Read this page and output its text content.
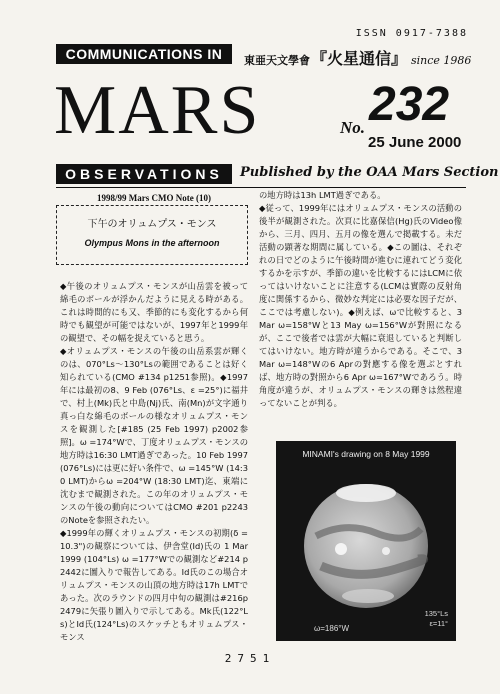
ISSN 0917-7388
COMMUNICATIONS IN	東亜天文學會『火星通信』 since 1986
MARS	No. 232
25 June 2000
OBSERVATIONS	Published by the OAA Mars Section
1998/99 Mars CMO Note (10)
下午のオリュムプス・モンス
Olympus Mons in the afternoon

◆午後のオリュムプス・モンスが山岳雲を被って綿毛のボールが浮かんだように見える時がある。これは時間的にも又、季節的にも変化するから何時でも観望が可能ではないが、1997年と1999年の観望で、その幅を捉えていると思う。

◆オリュムプス・モンスの午後の山岳系雲が輝くのは、070°Ls～130°Lsの範囲であることは好く知られている(CMO #134 p1251参照)。◆1997年には最初の8、9 Feb (076°Ls、ε =25°)に福井で、村上(Mk)氏と中島(Nj)氏、南(Mn)が文字通り真っ白な綿毛のボールの様なオリュムプス・モンスを観測した[#185 (25 Feb 1997) p2002参照]。ω =174°Wで、丁度オリュムプス・モンスの地方時は16:30 LMT過ぎであった。10 Feb 1997 (076°Ls)には更に好い条件で、ω =145°W (14:30 LMT)からω =204°W (18:30 LMT)迄、東端に沈むまで観測された。この年のオリュムプス・モンスの午後の動向についてはCMO #201 p2243のNoteを参照されたい。

◆1999年の輝くオリュムプス・モンスの初期(δ =10.3")の観察については、伊舎堂(Id)氏の 1 Mar 1999 (104°Ls) ω =177°Wでの観測など#214 p2442に圖入りで報告してある。Id氏のこの場合オリュムプス・モンスの山頂の地方時は17h LMTであった。次のラウンドの四月中旬の観測は#216p2479に矢張り圖入りで示してある。Mk氏(122°Ls)とId氏(124°Ls)のスケッチともオリュムプス・モンス

の地方時は13h LMT過ぎである。

◆従って、1999年にはオリュムプス・モンスの活動の後半が観測された。次頁に比嘉保信(Hg)氏のVideo像から、三月、四月、五月の像を選んで掲載する。未だ活動の顕著な期間に属している。◆この圖は、それぞれの日でどのように午後時間が進むに連れてどう変化するかを示すが、季節の違いを比較するにはLCMに依ってはいけないことに注意する(LCMは實際の反射角度に関係するから、微妙な判定には必要な因子だが、ここでは考慮しない)。◆例えば、ωで比較すると、3 Mar ω=158°Wと13 May ω=156°Wが對照になるが、ここで後者では雲が大幅に衰退していると判断してはいけない。地方時が違うからである。そこで、3 Mar ω=148°Wの6 Aprの對應する像を選ぶとすれば、地方時の對照から6 Apr ω=167°Wであろう。時角度が違うが、オリュムプス・モンスの輝きは然程違ってないことが判る。

MINAMI's drawing on 8 May 1999
ω=186°W
135°Ls
ε=11°
2751
